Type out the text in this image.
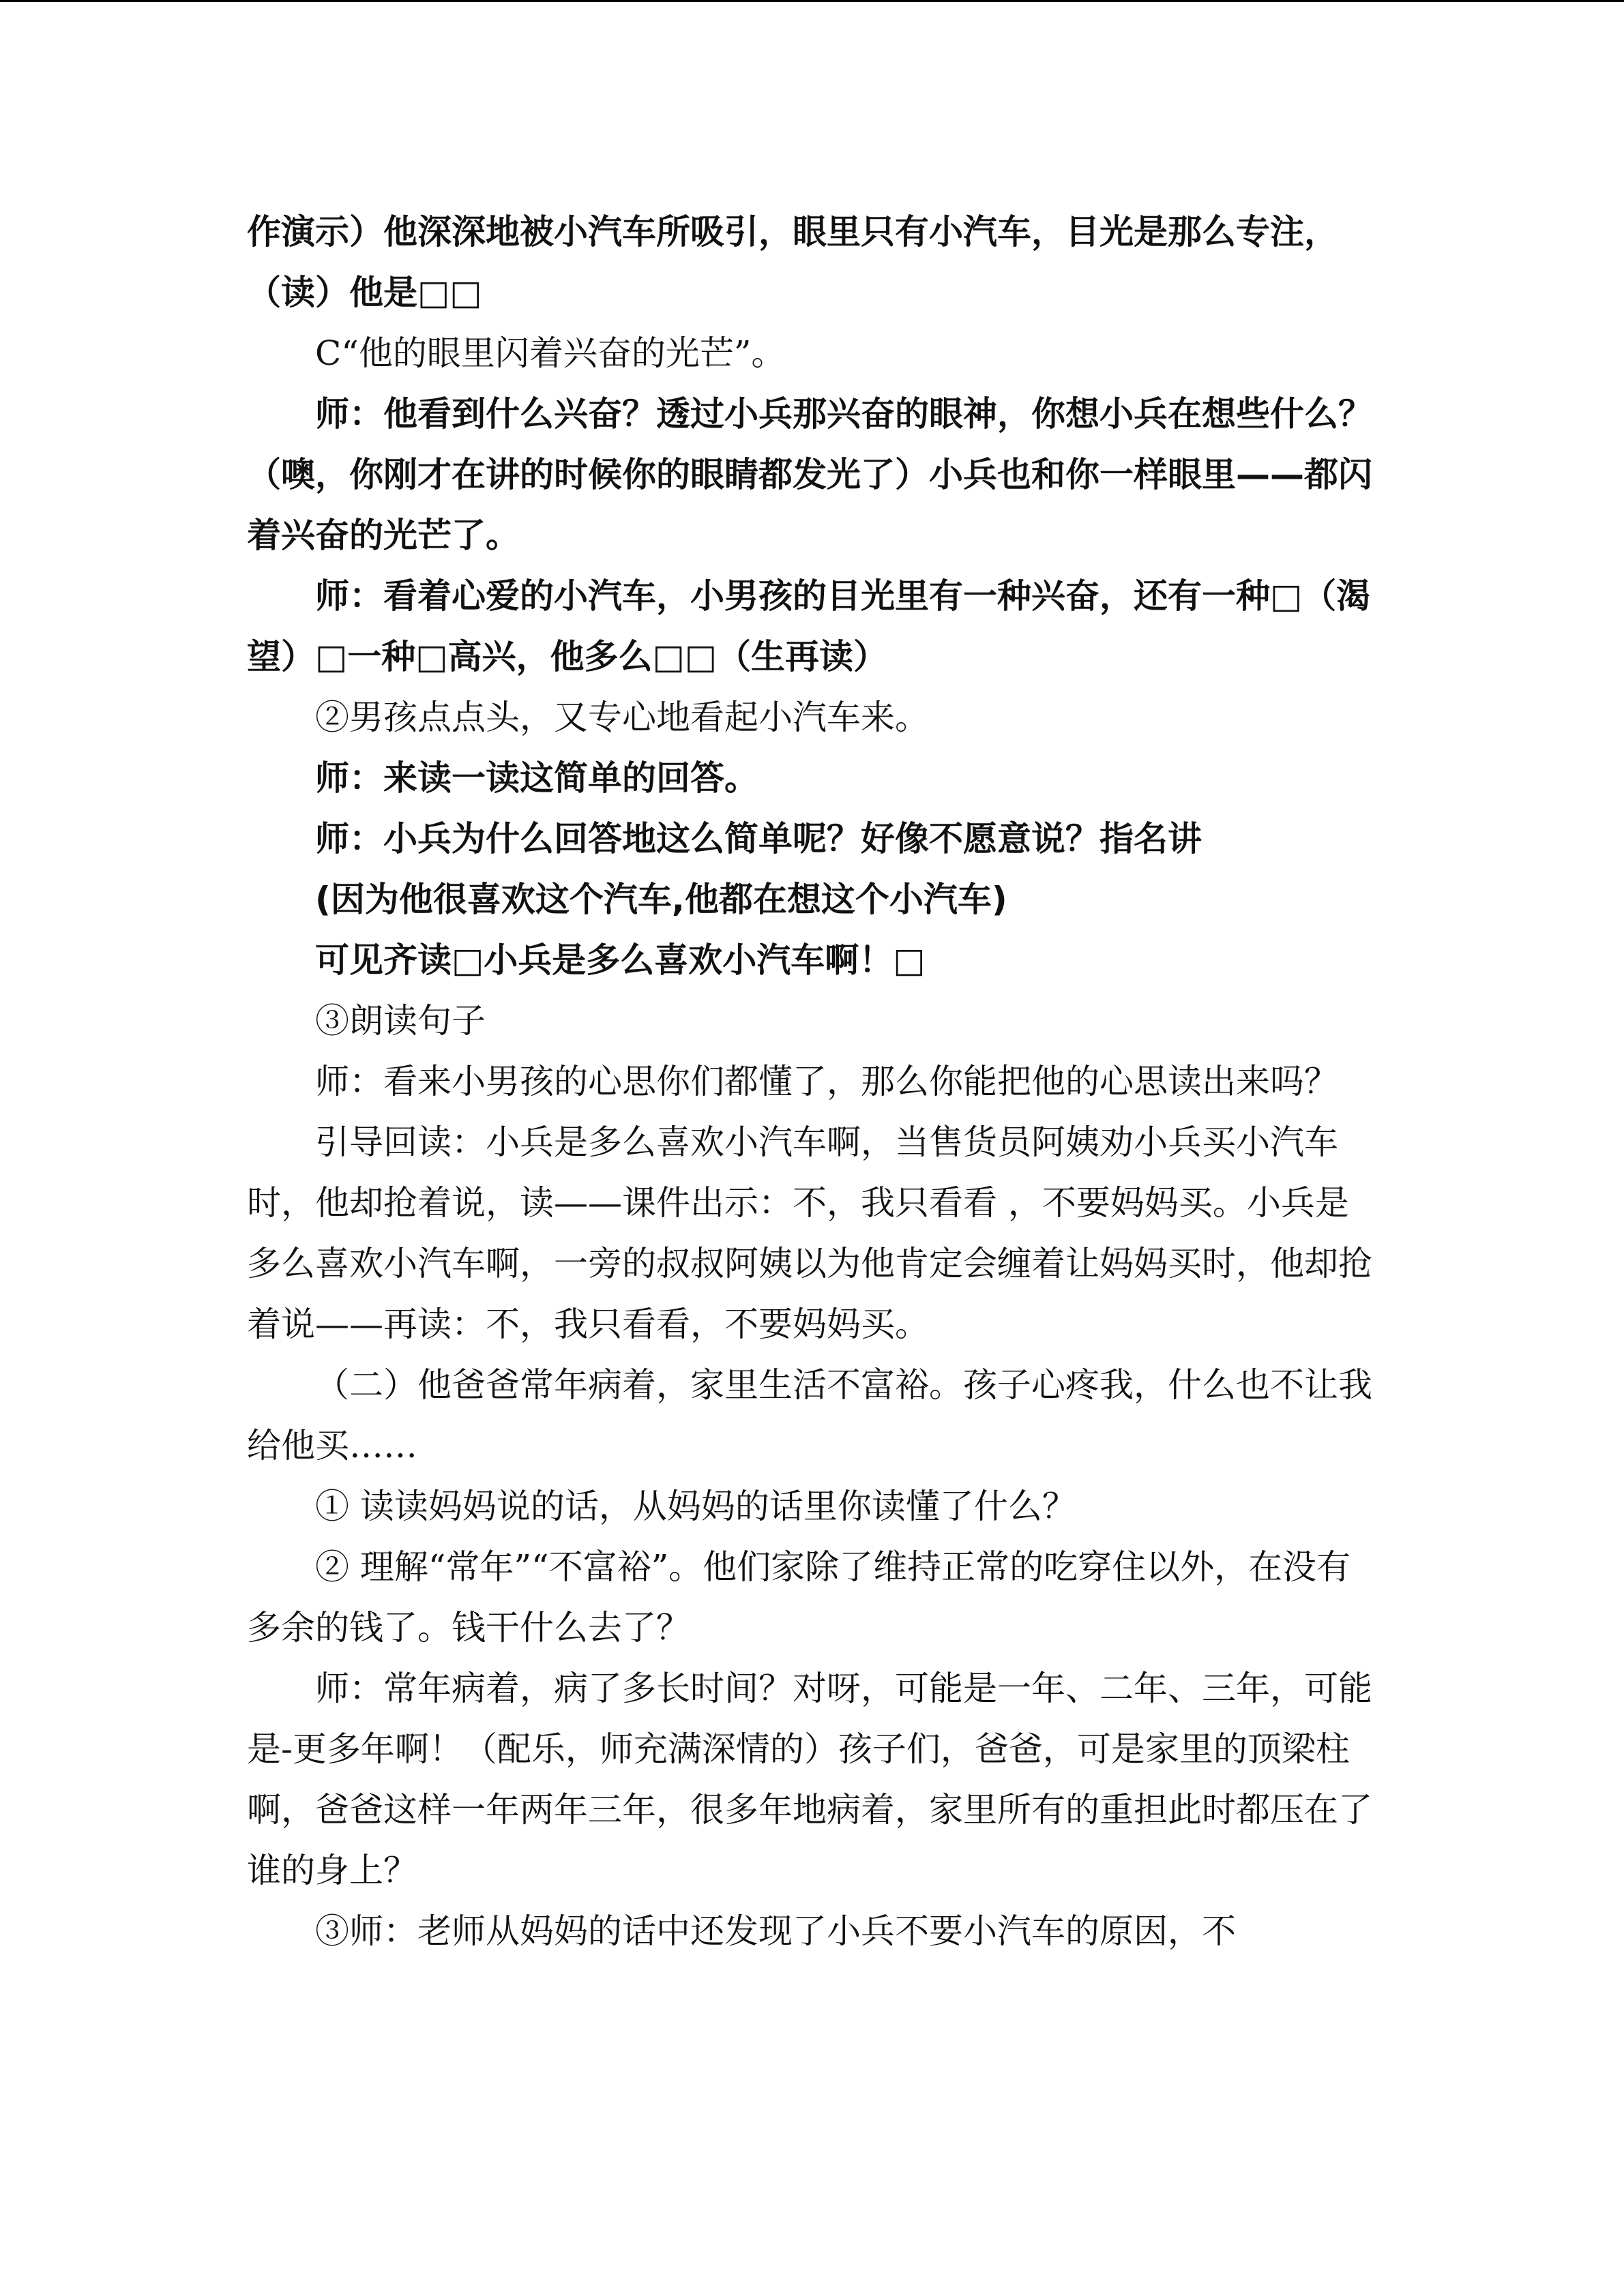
作演示）他深深地被小汽车所吸引，眼里只有小汽车，目光是那么专注，（读）他是□□

C“他的眼里闪着兴奋的光芒”。

师：他看到什么兴奋？透过小兵那兴奋的眼神，你想小兵在想些什么？（噢，你刚才在讲的时候你的眼睛都发光了）小兵也和你一样眼里——都闪着兴奋的光芒了。

师：看着心爱的小汽车，小男孩的目光里有一种兴奋，还有一种□（渴望）□一种□高兴，他多么□□（生再读）

②男孩点点头，又专心地看起小汽车来。

师：来读一读这简单的回答。

师：小兵为什么回答地这么简单呢？好像不愿意说？指名讲

(因为他很喜欢这个汽车,他都在想这个小汽车)

可见齐读□小兵是多么喜欢小汽车啊！□

③朗读句子

师：看来小男孩的心思你们都懂了，那么你能把他的心思读出来吗？

引导回读：小兵是多么喜欢小汽车啊，当售货员阿姨劝小兵买小汽车时，他却抢着说，读——课件出示：不，我只看看 ，不要妈妈买。小兵是多么喜欢小汽车啊，一旁的叔叔阿姨以为他肯定会缠着让妈妈买时，他却抢着说——再读：不，我只看看，不要妈妈买。

（二）他爸爸常年病着，家里生活不富裕。孩子心疼我，什么也不让我给他买……

① 读读妈妈说的话，从妈妈的话里你读懂了什么？

② 理解“常年”“不富裕”。他们家除了维持正常的吃穿住以外，在没有多余的钱了。钱干什么去了？

师：常年病着，病了多长时间？对呀，可能是一年、二年、三年，可能是-更多年啊！（配乐，师充满深情的）孩子们，爸爸，可是家里的顶梁柱啊，爸爸这样一年两年三年，很多年地病着，家里所有的重担此时都压在了谁的身上？

③师：老师从妈妈的话中还发现了小兵不要小汽车的原因，不
